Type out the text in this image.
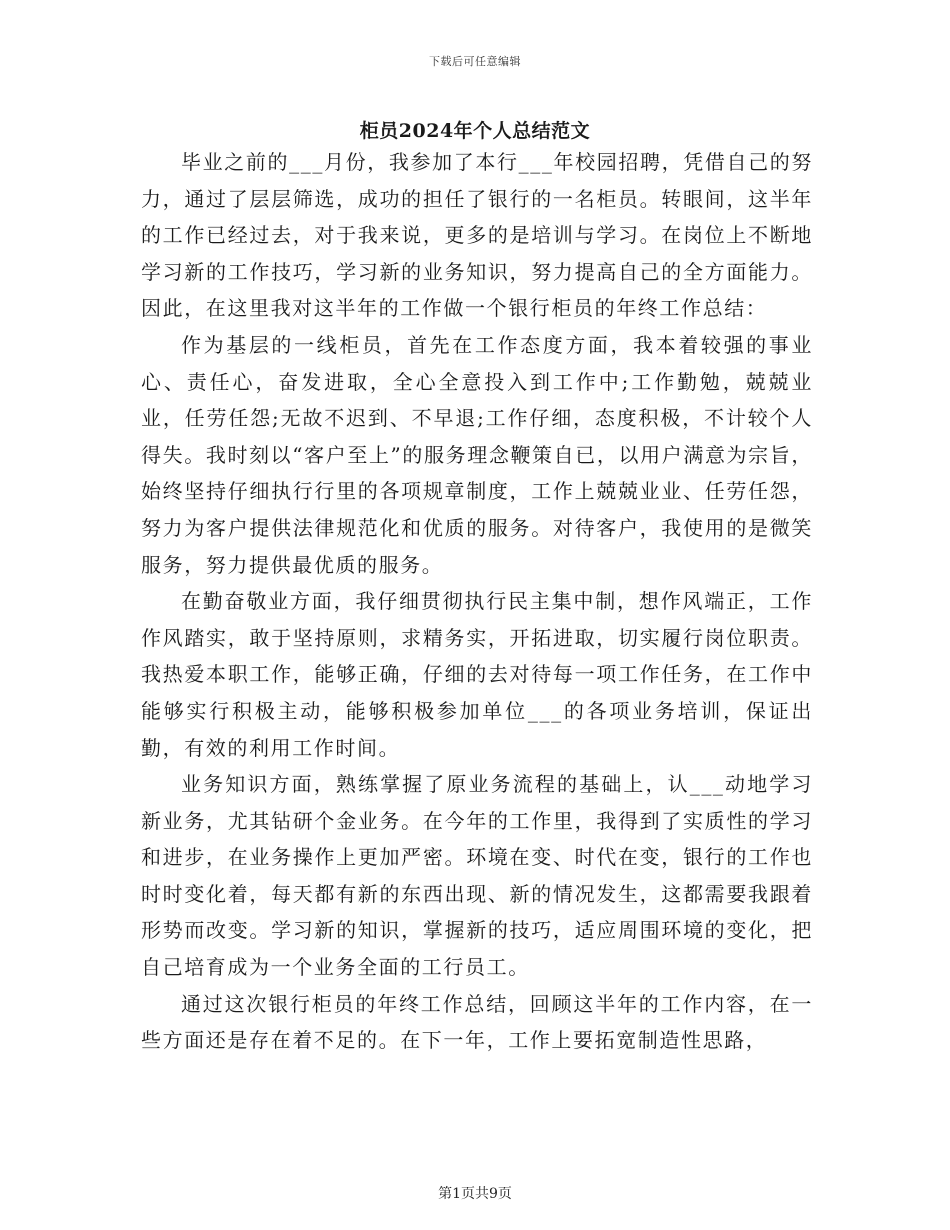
下载后可任意编辑
柜员2024年个人总结范文

毕业之前的___月份，我参加了本行___年校园招聘，凭借自己的努力，通过了层层筛选，成功的担任了银行的一名柜员。转眼间，这半年的工作已经过去，对于我来说，更多的是培训与学习。在岗位上不断地学习新的工作技巧，学习新的业务知识，努力提高自己的全方面能力。因此，在这里我对这半年的工作做一个银行柜员的年终工作总结：

作为基层的一线柜员，首先在工作态度方面，我本着较强的事业心、责任心，奋发进取，全心全意投入到工作中;工作勤勉，兢兢业业，任劳任怨;无故不迟到、不早退;工作仔细，态度积极，不计较个人得失。我时刻以“客户至上”的服务理念鞭策自已，以用户满意为宗旨，始终坚持仔细执行行里的各项规章制度，工作上兢兢业业、任劳任怨，努力为客户提供法律规范化和优质的服务。对待客户，我使用的是微笑服务，努力提供最优质的服务。

在勤奋敬业方面，我仔细贯彻执行民主集中制，想作风端正，工作作风踏实，敢于坚持原则，求精务实，开拓进取，切实履行岗位职责。我热爱本职工作，能够正确，仔细的去对待每一项工作任务，在工作中能够实行积极主动，能够积极参加单位___的各项业务培训，保证出勤，有效的利用工作时间。

业务知识方面，熟练掌握了原业务流程的基础上，认___动地学习新业务，尤其钻研个金业务。在今年的工作里，我得到了实质性的学习和进步，在业务操作上更加严密。环境在变、时代在变，银行的工作也时时变化着，每天都有新的东西出现、新的情况发生，这都需要我跟着形势而改变。学习新的知识，掌握新的技巧，适应周围环境的变化，把自己培育成为一个业务全面的工行员工。

通过这次银行柜员的年终工作总结，回顾这半年的工作内容，在一些方面还是存在着不足的。在下一年，工作上要拓宽制造性思路，

第1页共9页
